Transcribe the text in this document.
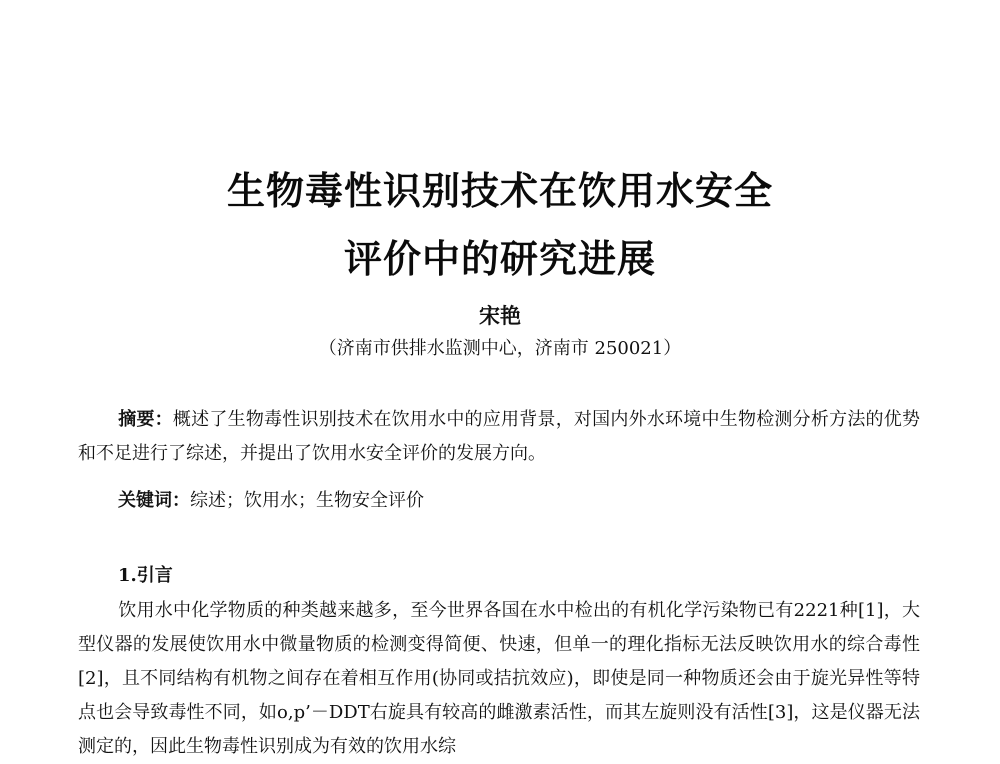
生物毒性识别技术在饮用水安全
评价中的研究进展
宋艳
（济南市供排水监测中心，济南市 250021）
摘要：概述了生物毒性识别技术在饮用水中的应用背景，对国内外水环境中生物检测分析方法的优势和不足进行了综述，并提出了饮用水安全评价的发展方向。
关键词：综述；饮用水；生物安全评价
1.引言
饮用水中化学物质的种类越来越多，至今世界各国在水中检出的有机化学污染物已有2221种[1]，大型仪器的发展使饮用水中微量物质的检测变得简便、快速，但单一的理化指标无法反映饮用水的综合毒性[2]，且不同结构有机物之间存在着相互作用(协同或拮抗效应)，即使是同一种物质还会由于旋光异性等特点也会导致毒性不同，如o,p’－DDT右旋具有较高的雌激素活性，而其左旋则没有活性[3]，这是仪器无法测定的，因此生物毒性识别成为有效的饮用水综
